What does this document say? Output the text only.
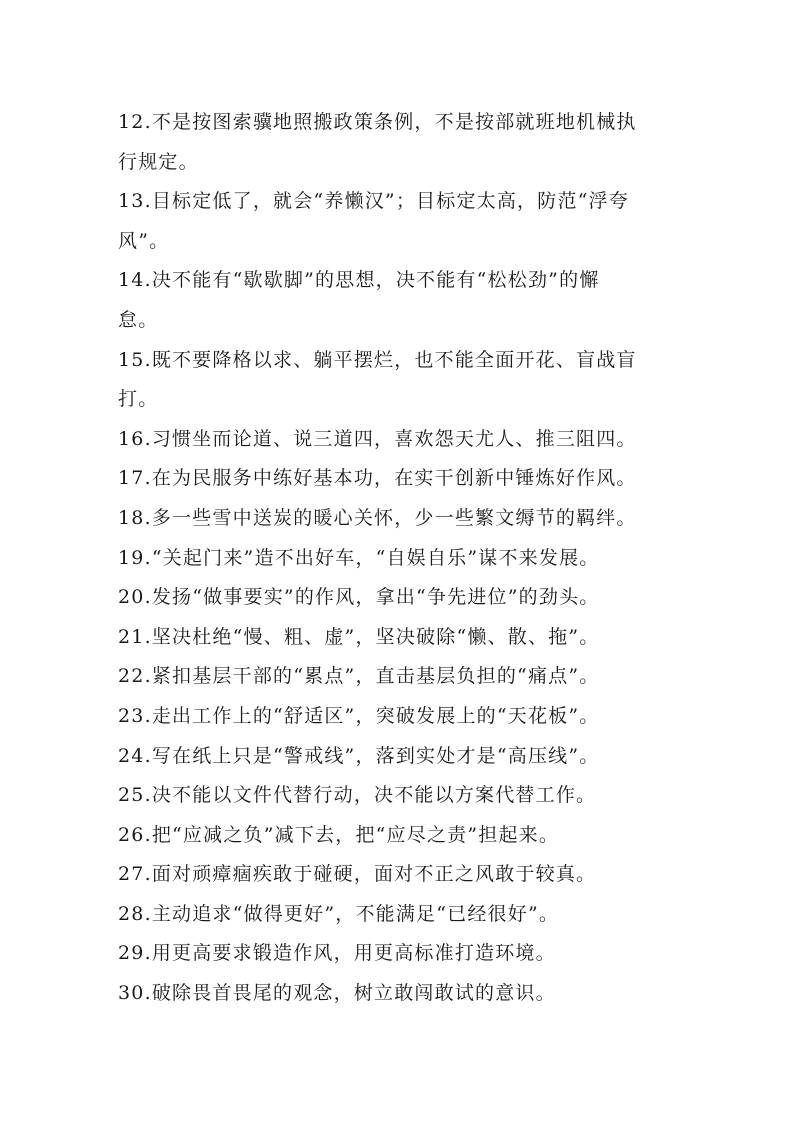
12.不是按图索骥地照搬政策条例，不是按部就班地机械执
行规定。
13.目标定低了，就会“养懒汉”；目标定太高，防范“浮夸
风”。
14.决不能有“歇歇脚”的思想，决不能有“松松劲”的懈
怠。
15.既不要降格以求、躺平摆烂，也不能全面开花、盲战盲
打。
16.习惯坐而论道、说三道四，喜欢怨天尤人、推三阻四。
17.在为民服务中练好基本功，在实干创新中锤炼好作风。
18.多一些雪中送炭的暖心关怀，少一些繁文缛节的羁绊。
19.“关起门来”造不出好车，“自娱自乐”谋不来发展。
20.发扬“做事要实”的作风，拿出“争先进位”的劲头。
21.坚决杜绝“慢、粗、虚”，坚决破除“懒、散、拖”。
22.紧扣基层干部的“累点”，直击基层负担的“痛点”。
23.走出工作上的“舒适区”，突破发展上的“天花板”。
24.写在纸上只是“警戒线”，落到实处才是“高压线”。
25.决不能以文件代替行动，决不能以方案代替工作。
26.把“应减之负”减下去，把“应尽之责”担起来。
27.面对顽瘴痼疾敢于碰硬，面对不正之风敢于较真。
28.主动追求“做得更好”，不能满足“已经很好”。
29.用更高要求锻造作风，用更高标准打造环境。
30.破除畏首畏尾的观念，树立敢闯敢试的意识。
